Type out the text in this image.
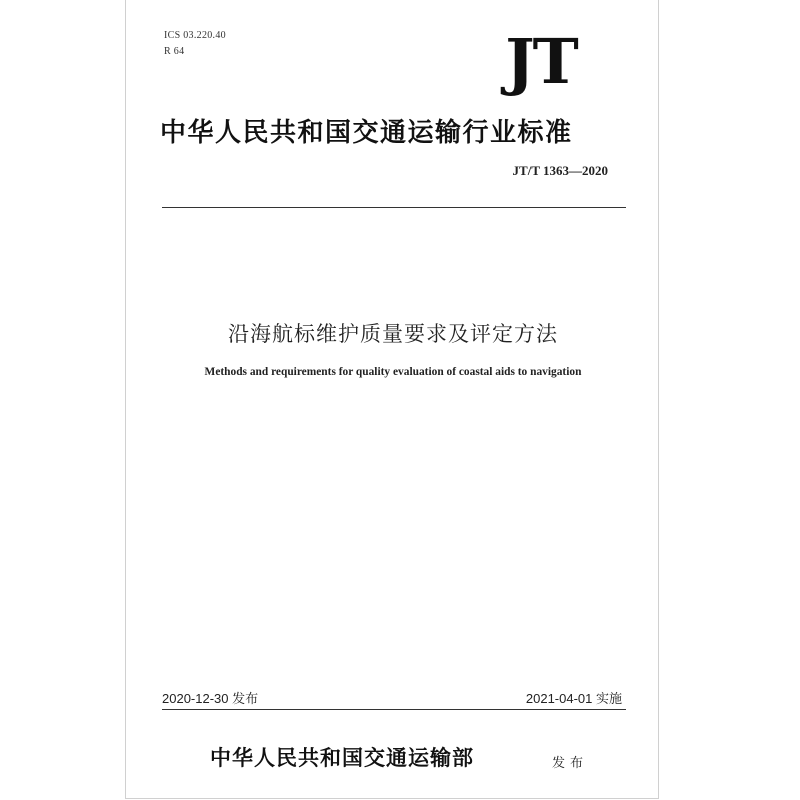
ICS 03.220.40
R 64	JT
中华人民共和国交通运输行业标准
JT/T 1363—2020
沿海航标维护质量要求及评定方法
Methods and requirements for quality evaluation of coastal aids to navigation
2020-12-30 发布	2021-04-01 实施
中华人民共和国交通运输部	发布
